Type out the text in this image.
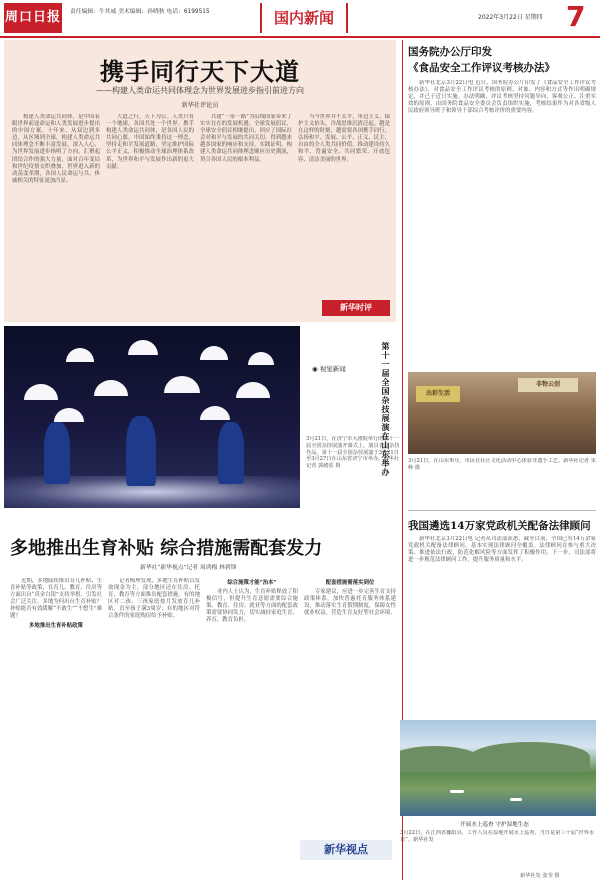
周口日报 责任编辑：牛其威 美术编辑：孙晓秋 电话：6199515	国内新闻	2022年3月22日 星期四 7
携手同行天下大道
——构建人类命运共同体理念为世界发展进步指引前进方向
新华社评论员

构建人类命运共同体，是中国着眼世界前途命运和人类发展进步提出的中国方案。十年来，从双边到多边，从区域到全球，构建人类命运共同体理念不断丰富发展，深入人心，为世界发展进步指明了方向，汇聚起团结合作的强大力量。面对百年变局和世纪疫情交织叠加，世界进入新的动荡变革期，各国人民命运与共、休戚相关的特征更加凸显。

大道之行，天下为公。人类只有一个地球，各国共处一个世界。携手构建人类命运共同体，是各国人民的共同心愿。中国始终秉持这一理念，坚持走和平发展道路，坚定维护国际公平正义，积极推动全球治理体系改革，为世界和平与发展作出新的更大贡献。

共建“一带一路”为沿线国家带来了实实在在的发展机遇。全球发展倡议、全球安全倡议相继提出，回应了国际社会对和平与发展的共同关切，得到越来越多国家的响应和支持。实践证明，构建人类命运共同体理念顺应历史潮流，契合各国人民的根本利益。

当今世界并不太平，单边主义、保护主义抬头，冷战思维沉渣泛起。越是在这样的时刻，越需要各国携手同行，弘扬和平、发展、公平、正义、民主、自由的全人类共同价值，推动建设持久和平、普遍安全、共同繁荣、开放包容、清洁美丽的世界。

新华时评
◉ 视觉新闻	第十一届全国杂技展演在山东举办
3月21日，在济宁市大剧院举行的第十一届全国杂技展演开幕式上，演员表演杂技作品。第十一届全国杂技展演于3月21日至3月27日在山东省济宁市举办。新华社记者 郭绪雷 摄
多地推出生育补贴 综合措施需配套发力
新华社“新华视点”记者 周鸿梅 林碧锋

近期，多地陆续推出育儿补贴、生育补贴等政策，在育儿、教育、住房等方面出台“真金白银”支持举措，引发社会广泛关注。多地为何出台生育补贴？补贴能否有效缓解“不敢生”“不想生”难题？

多地推出生育补贴政策

记者梳理发现，多地生育补贴以发放现金为主，部分地区还在住房、托育、教育等方面推出配套措施。有的地区对二孩、三孩家庭按月发放育儿补贴，直至孩子满3周岁；有的地区对符合条件的家庭购房给予补贴。

综合施策才能“治本”

业内人士认为，生育补贴释放了积极信号，但提升生育意愿需要综合施策。教育、住房、就业等方面的配套政策需要协同发力，切实减轻家庭生育、养育、教育负担。

配套措施需落实到位

专家建议，应进一步完善生育支持政策体系，加快普惠托育服务体系建设，推动落实生育假期制度，保障女性就业权益，营造生育友好型社会环境。

新华视点
国务院办公厅印发
《食品安全工作评议考核办法》

新华社北京3月22日电 近日，国务院办公厅印发了《食品安全工作评议考核办法》，对食品安全工作评议考核的原则、对象、内容和方式等作出明确规定，并已于近日实施。办法明确，评议考核坚持问题导向、客观公正、注重实效的原则，由国务院食品安全委员会负责组织实施，考核结果作为对各省级人民政府领导班子和领导干部综合考核评价的重要内容。

出彩生活
非物云创
3月21日，在山东枣庄，市民在社区文化活动中心体验非遗手工艺。新华社记者 朱峥 摄
我国遴选14万家党政机关配备法律顾问

新华社北京3月22日电 记者从司法部获悉，截至目前，全国已有14万余家党政机关配备法律顾问，基本实现法律顾问全覆盖。法律顾问在参与重大决策、推进依法行政、防范化解风险等方面发挥了积极作用。下一步，司法部将进一步规范法律顾问工作，提升服务质量和水平。

开展水上巡查 守护湿地生态
3月22日，在江西省鄱阳县，工作人员在湿地开展水上巡查。当日是第三十届“世界水日”。新华社发
新华社发 张莹 摄
